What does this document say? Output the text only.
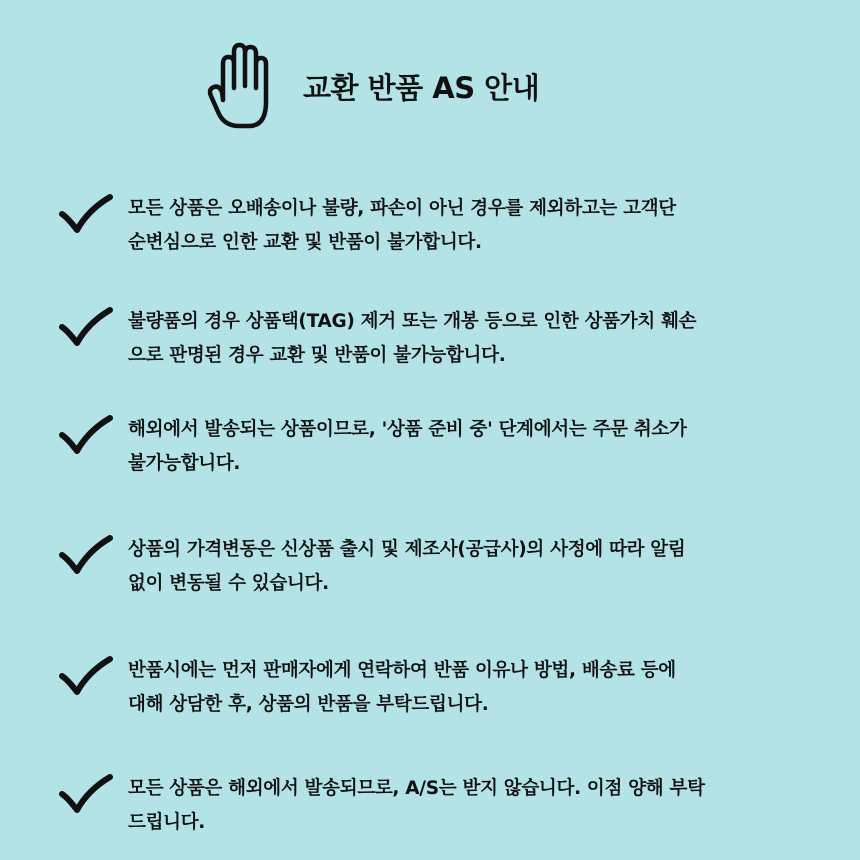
교환 반품 AS 안내
모든 상품은 오배송이나 불량, 파손이 아닌 경우를 제외하고는 고객단
순변심으로 인한 교환 및 반품이 불가합니다.
불량품의 경우 상품택(TAG) 제거 또는 개봉 등으로 인한 상품가치 훼손
으로 판명된 경우 교환 및 반품이 불가능합니다.
해외에서 발송되는 상품이므로, '상품 준비 중' 단계에서는 주문 취소가
불가능합니다.
상품의 가격변동은 신상품 출시 및 제조사(공급사)의 사정에 따라 알림
없이 변동될 수 있습니다.
반품시에는 먼저 판매자에게 연락하여 반품 이유나 방법, 배송료 등에
대해 상담한 후, 상품의 반품을 부탁드립니다.
모든 상품은 해외에서 발송되므로, A/S는 받지 않습니다. 이점 양해 부탁
드립니다.
